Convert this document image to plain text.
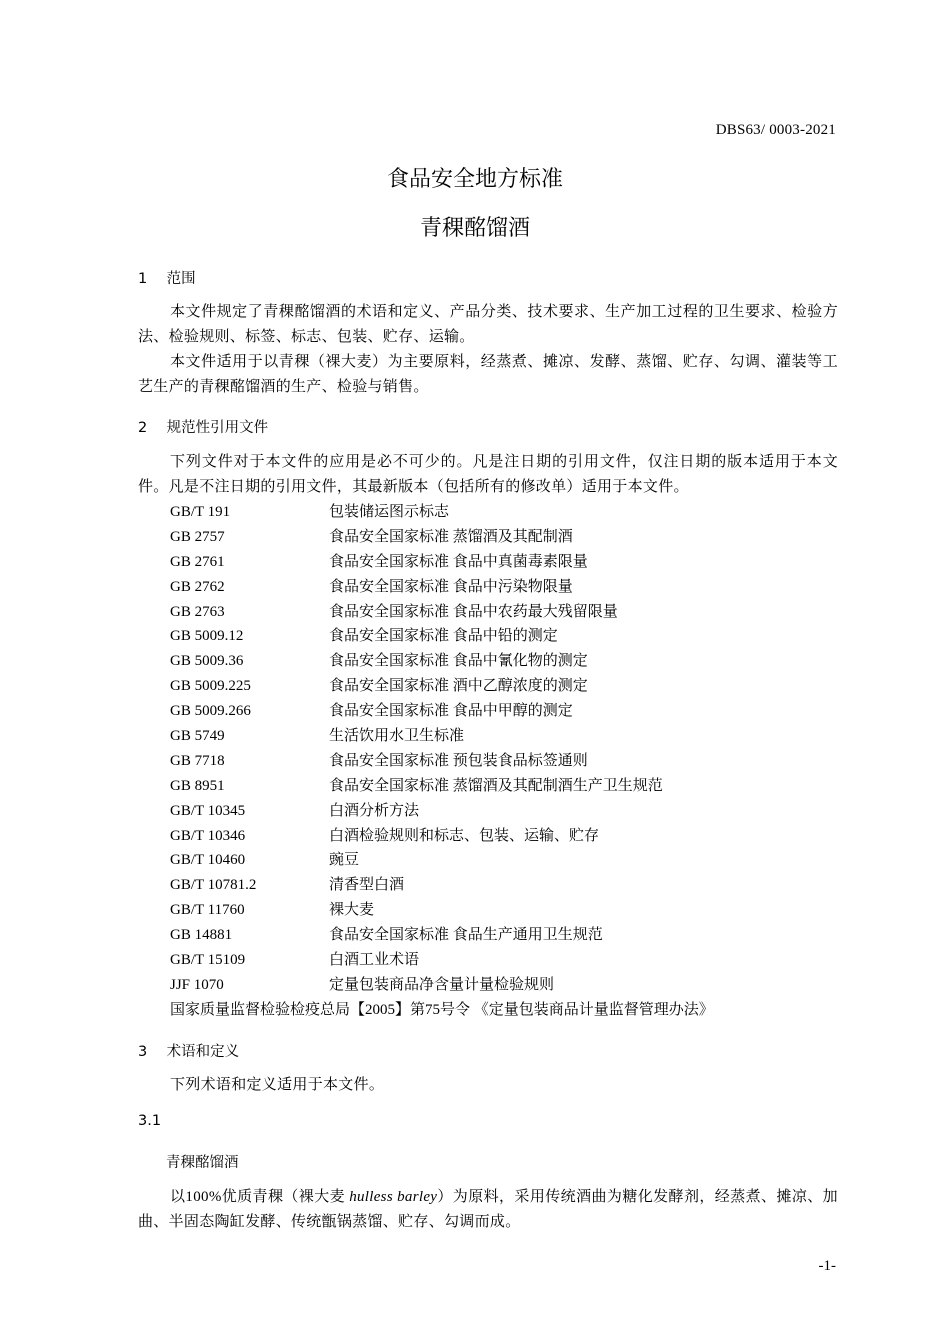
DBS63/ 0003-2021
食品安全地方标准
青稞酩馏酒
1 范围
本文件规定了青稞酩馏酒的术语和定义、产品分类、技术要求、生产加工过程的卫生要求、检验方法、检验规则、标签、标志、包装、贮存、运输。
本文件适用于以青稞（裸大麦）为主要原料，经蒸煮、摊凉、发酵、蒸馏、贮存、勾调、灌装等工艺生产的青稞酩馏酒的生产、检验与销售。
2 规范性引用文件
下列文件对于本文件的应用是必不可少的。凡是注日期的引用文件，仅注日期的版本适用于本文件。凡是不注日期的引用文件，其最新版本（包括所有的修改单）适用于本文件。
GB/T 191	包装储运图示标志
GB 2757	食品安全国家标准 蒸馏酒及其配制酒
GB 2761	食品安全国家标准 食品中真菌毒素限量
GB 2762	食品安全国家标准 食品中污染物限量
GB 2763	食品安全国家标准 食品中农药最大残留限量
GB 5009.12	食品安全国家标准 食品中铅的测定
GB 5009.36	食品安全国家标准 食品中氰化物的测定
GB 5009.225	食品安全国家标准 酒中乙醇浓度的测定
GB 5009.266	食品安全国家标准 食品中甲醇的测定
GB 5749	生活饮用水卫生标准
GB 7718	食品安全国家标准 预包装食品标签通则
GB 8951	食品安全国家标准 蒸馏酒及其配制酒生产卫生规范
GB/T 10345	白酒分析方法
GB/T 10346	白酒检验规则和标志、包装、运输、贮存
GB/T 10460	豌豆
GB/T 10781.2	清香型白酒
GB/T 11760	裸大麦
GB 14881	食品安全国家标准 食品生产通用卫生规范
GB/T 15109	白酒工业术语
JJF 1070	定量包装商品净含量计量检验规则
国家质量监督检验检疫总局【2005】第75号令 《定量包装商品计量监督管理办法》
3 术语和定义
下列术语和定义适用于本文件。
3.1
青稞酩馏酒
以100%优质青稞（裸大麦 hulless barley）为原料，采用传统酒曲为糖化发酵剂，经蒸煮、摊凉、加曲、半固态陶缸发酵、传统甑锅蒸馏、贮存、勾调而成。
-1-
